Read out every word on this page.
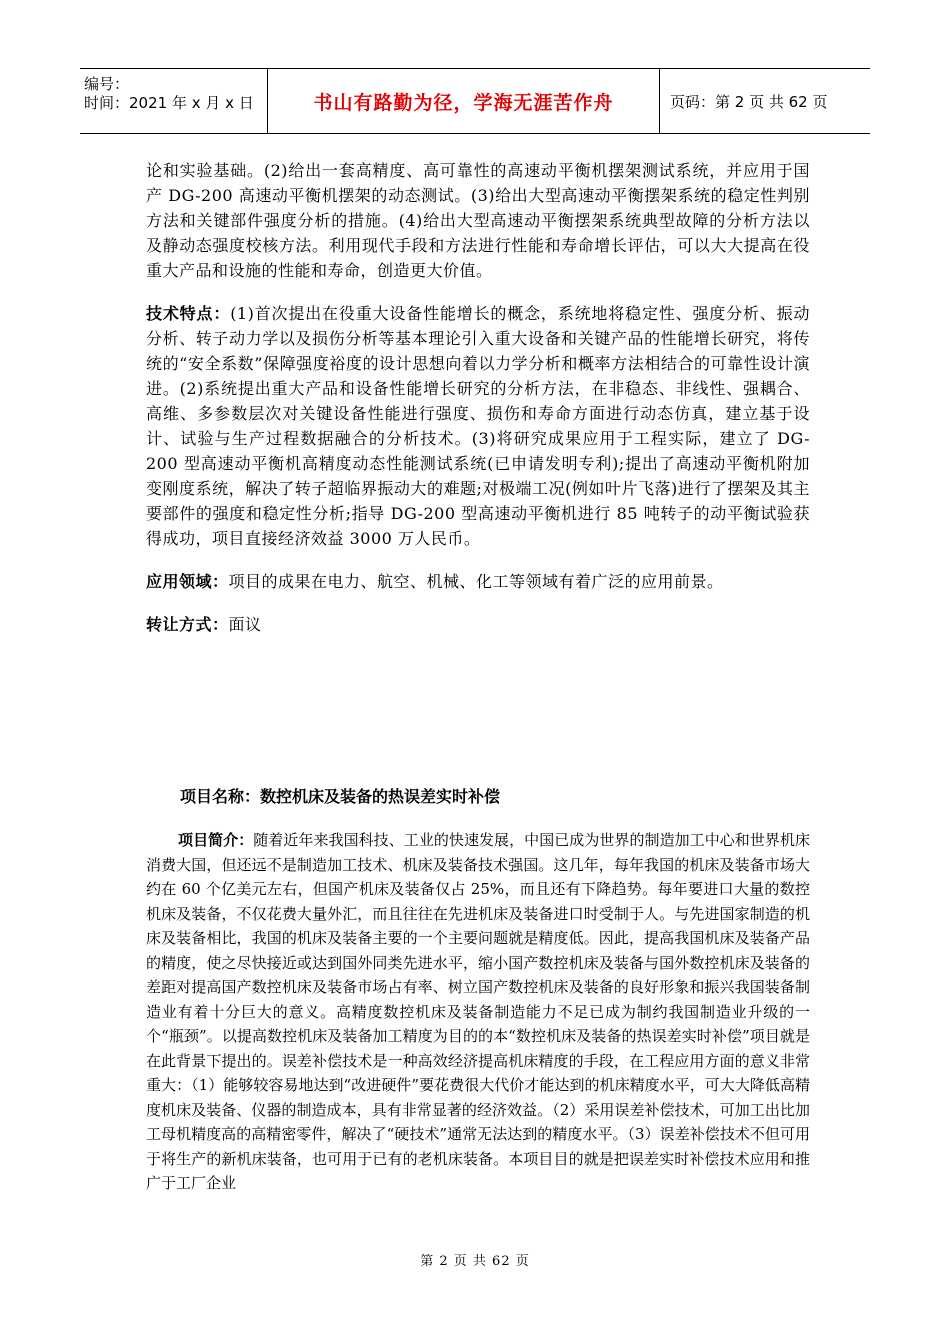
编号：
时间：2021 年 x 月 x 日	书山有路勤为径，学海无涯苦作舟	页码：第 2 页 共 62 页

论和实验基础。(2)给出一套高精度、高可靠性的高速动平衡机摆架测试系统，并应用于国产 DG-200 高速动平衡机摆架的动态测试。(3)给出大型高速动平衡摆架系统的稳定性判别方法和关键部件强度分析的措施。(4)给出大型高速动平衡摆架系统典型故障的分析方法以及静动态强度校核方法。利用现代手段和方法进行性能和寿命增长评估，可以大大提高在役重大产品和设施的性能和寿命，创造更大价值。

技术特点：(1)首次提出在役重大设备性能增长的概念，系统地将稳定性、强度分析、振动分析、转子动力学以及损伤分析等基本理论引入重大设备和关键产品的性能增长研究，将传统的“安全系数”保障强度裕度的设计思想向着以力学分析和概率方法相结合的可靠性设计演进。(2)系统提出重大产品和设备性能增长研究的分析方法，在非稳态、非线性、强耦合、高维、多参数层次对关键设备性能进行强度、损伤和寿命方面进行动态仿真，建立基于设计、试验与生产过程数据融合的分析技术。(3)将研究成果应用于工程实际，建立了 DG-200 型高速动平衡机高精度动态性能测试系统(已申请发明专利);提出了高速动平衡机附加变刚度系统，解决了转子超临界振动大的难题;对极端工况(例如叶片飞落)进行了摆架及其主要部件的强度和稳定性分析;指导 DG-200 型高速动平衡机进行 85 吨转子的动平衡试验获得成功，项目直接经济效益 3000 万人民币。

应用领域：项目的成果在电力、航空、机械、化工等领域有着广泛的应用前景。

转让方式：面议

项目名称：数控机床及装备的热误差实时补偿
项目简介：随着近年来我国科技、工业的快速发展，中国已成为世界的制造加工中心和世界机床消费大国，但还远不是制造加工技术、机床及装备技术强国。这几年，每年我国的机床及装备市场大约在 60 个亿美元左右，但国产机床及装备仅占 25%，而且还有下降趋势。每年要进口大量的数控机床及装备，不仅花费大量外汇，而且往往在先进机床及装备进口时受制于人。与先进国家制造的机床及装备相比，我国的机床及装备主要的一个主要问题就是精度低。因此，提高我国机床及装备产品的精度，使之尽快接近或达到国外同类先进水平，缩小国产数控机床及装备与国外数控机床及装备的差距对提高国产数控机床及装备市场占有率、树立国产数控机床及装备的良好形象和振兴我国装备制造业有着十分巨大的意义。高精度数控机床及装备制造能力不足已成为制约我国制造业升级的一个“瓶颈”。以提高数控机床及装备加工精度为目的的本“数控机床及装备的热误差实时补偿”项目就是在此背景下提出的。误差补偿技术是一种高效经济提高机床精度的手段，在工程应用方面的意义非常重大：（1）能够较容易地达到“改进硬件”要花费很大代价才能达到的机床精度水平，可大大降低高精度机床及装备、仪器的制造成本，具有非常显著的经济效益。（2）采用误差补偿技术，可加工出比加工母机精度高的高精密零件，解决了“硬技术”通常无法达到的精度水平。（3）误差补偿技术不但可用于将生产的新机床装备，也可用于已有的老机床装备。本项目目的就是把误差实时补偿技术应用和推广于工厂企业
第 2 页 共 62 页
